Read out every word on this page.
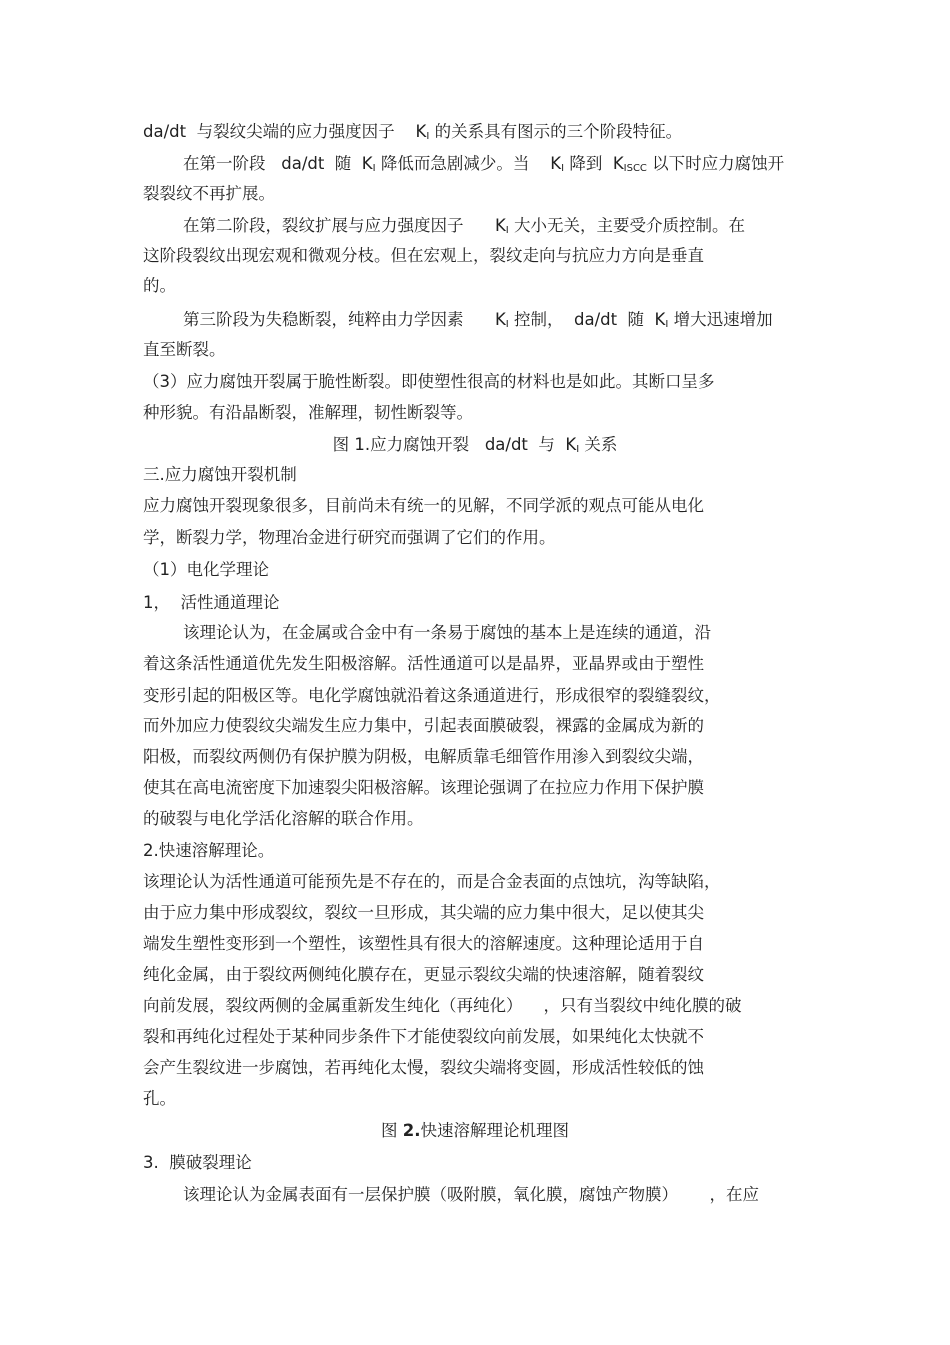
da/dt  与裂纹尖端的应力强度因子    $K_I$ 的关系具有图示的三个阶段特征。

在第一阶段   da/dt  随  $K_I$ 降低而急剧减少。当    $K_I$ 降到  $K_{ISCC}$ 以下时应力腐蚀开

裂裂纹不再扩展。

在第二阶段，裂纹扩展与应力强度因子      $K_I$ 大小无关，主要受介质控制。在

这阶段裂纹出现宏观和微观分枝。但在宏观上，裂纹走向与抗应力方向是垂直

的。

第三阶段为失稳断裂，纯粹由力学因素      $K_I$ 控制，  da/dt  随  $K_I$ 增大迅速增加

直至断裂。

（3）应力腐蚀开裂属于脆性断裂。即使塑性很高的材料也是如此。其断口呈多

种形貌。有沿晶断裂，准解理，韧性断裂等。

图 1.应力腐蚀开裂   da/dt  与  $K_I$ 关系

三.应力腐蚀开裂机制

应力腐蚀开裂现象很多，目前尚未有统一的见解，不同学派的观点可能从电化

学，断裂力学，物理冶金进行研究而强调了它们的作用。

（1）电化学理论

1，  活性通道理论

该理论认为，在金属或合金中有一条易于腐蚀的基本上是连续的通道，沿

着这条活性通道优先发生阳极溶解。活性通道可以是晶界，亚晶界或由于塑性

变形引起的阳极区等。电化学腐蚀就沿着这条通道进行，形成很窄的裂缝裂纹，

而外加应力使裂纹尖端发生应力集中，引起表面膜破裂，裸露的金属成为新的

阳极，而裂纹两侧仍有保护膜为阴极，电解质靠毛细管作用渗入到裂纹尖端，

使其在高电流密度下加速裂尖阳极溶解。该理论强调了在拉应力作用下保护膜

的破裂与电化学活化溶解的联合作用。

2.快速溶解理论。

该理论认为活性通道可能预先是不存在的，而是合金表面的点蚀坑，沟等缺陷，

由于应力集中形成裂纹，裂纹一旦形成，其尖端的应力集中很大，足以使其尖

端发生塑性变形到一个塑性，该塑性具有很大的溶解速度。这种理论适用于自

纯化金属，由于裂纹两侧纯化膜存在，更显示裂纹尖端的快速溶解，随着裂纹

向前发展，裂纹两侧的金属重新发生纯化（再纯化）    ，只有当裂纹中纯化膜的破

裂和再纯化过程处于某种同步条件下才能使裂纹向前发展，如果纯化太快就不

会产生裂纹进一步腐蚀，若再纯化太慢，裂纹尖端将变圆，形成活性较低的蚀

孔。

图 2.快速溶解理论机理图

3.  膜破裂理论

该理论认为金属表面有一层保护膜（吸附膜，氧化膜，腐蚀产物膜）      ，在应
